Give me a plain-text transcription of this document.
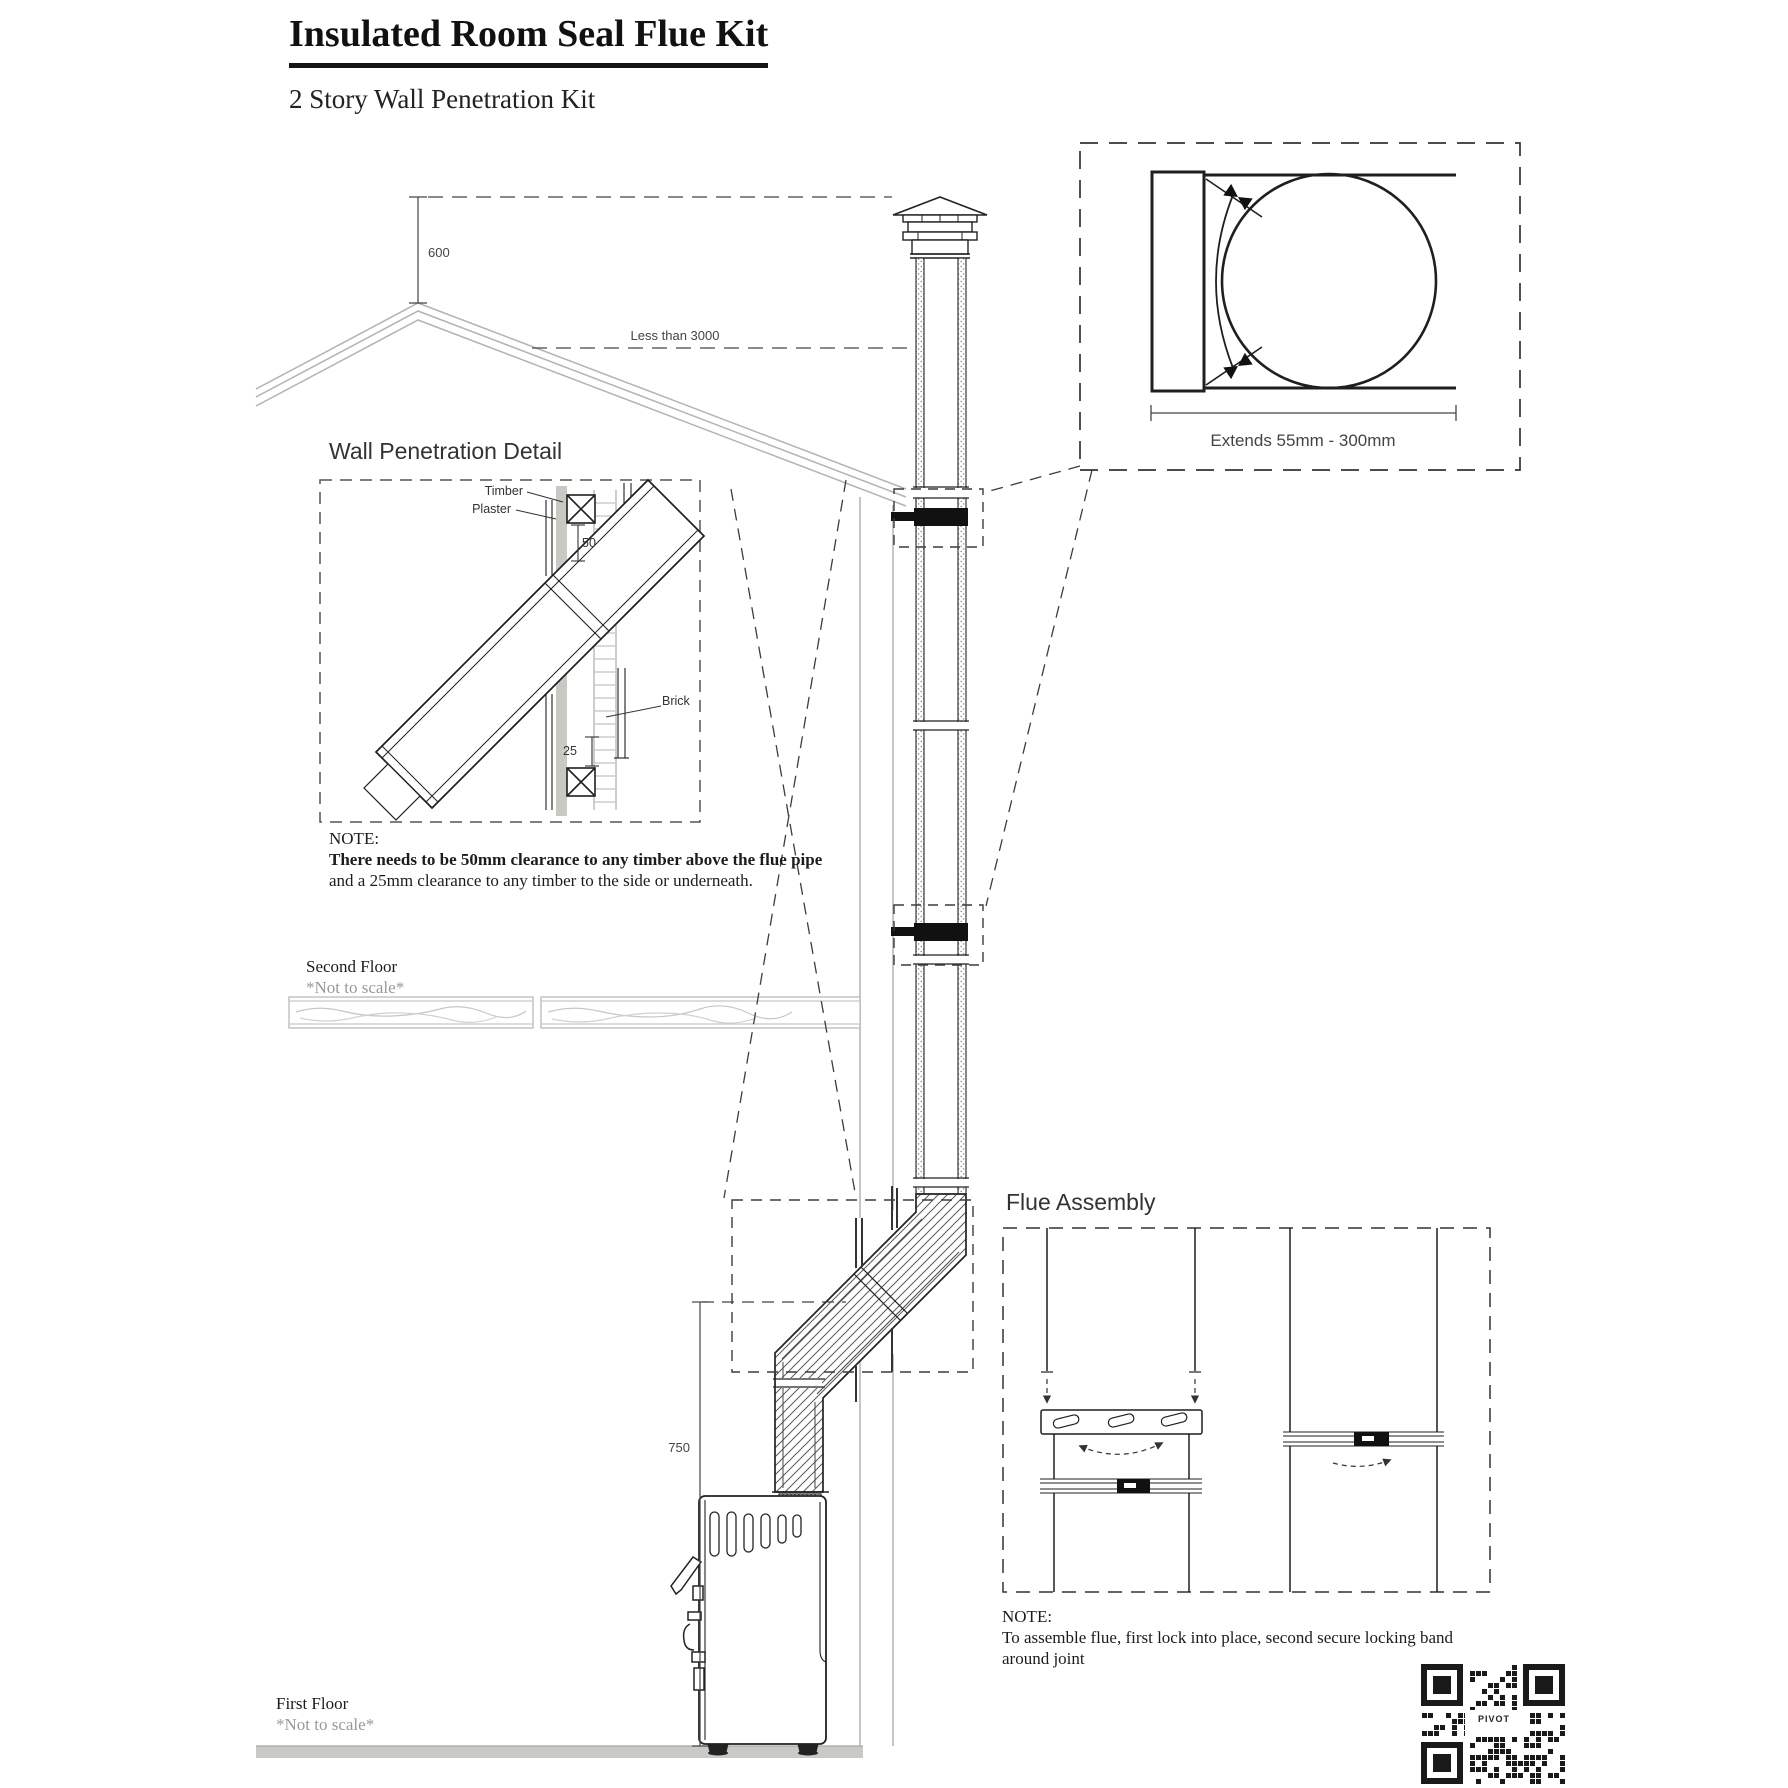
Insulated Room Seal Flue Kit
2 Story Wall Penetration Kit
600
Less than 3000
750
Extends 55mm - 300mm
Wall Penetration Detail
Timber
Plaster
Brick
50
25
NOTE:
There needs to be 50mm clearance to any timber above the flue pipe
and a 25mm clearance to any timber to the side or underneath.
Second Floor
*Not to scale*
First Floor
*Not to scale*
Flue Assembly
NOTE:
To assemble flue, first lock into place, second secure locking band around joint
PIVOT
